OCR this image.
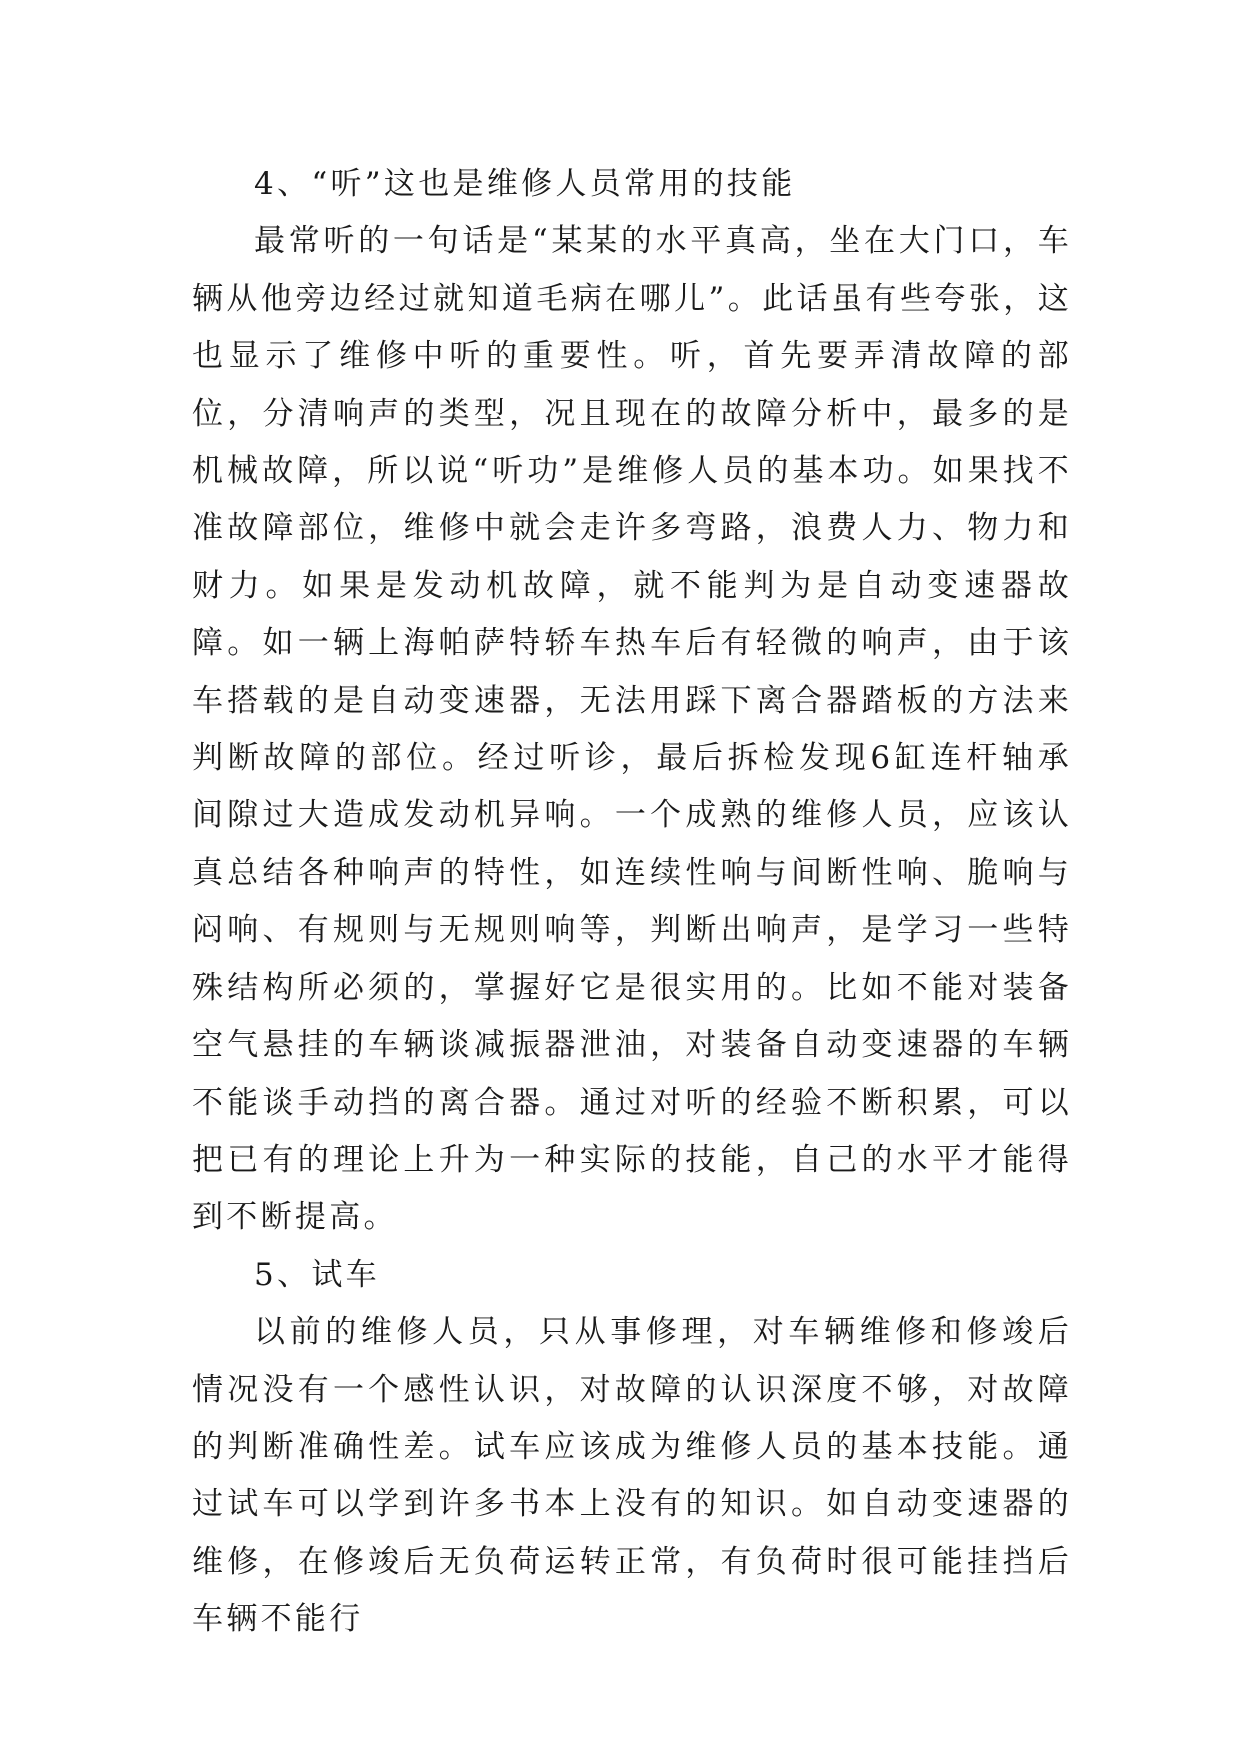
4、“听”这也是维修人员常用的技能

最常听的一句话是“某某的水平真高，坐在大门口，车辆从他旁边经过就知道毛病在哪儿”。此话虽有些夸张，这也显示了维修中听的重要性。听，首先要弄清故障的部位，分清响声的类型，况且现在的故障分析中，最多的是机械故障，所以说“听功”是维修人员的基本功。如果找不准故障部位，维修中就会走许多弯路，浪费人力、物力和财力。如果是发动机故障，就不能判为是自动变速器故障。如一辆上海帕萨特轿车热车后有轻微的响声，由于该车搭载的是自动变速器，无法用踩下离合器踏板的方法来判断故障的部位。经过听诊，最后拆检发现6缸连杆轴承间隙过大造成发动机异响。一个成熟的维修人员，应该认真总结各种响声的特性，如连续性响与间断性响、脆响与闷响、有规则与无规则响等，判断出响声，是学习一些特殊结构所必须的，掌握好它是很实用的。比如不能对装备空气悬挂的车辆谈减振器泄油，对装备自动变速器的车辆不能谈手动挡的离合器。通过对听的经验不断积累，可以把已有的理论上升为一种实际的技能，自己的水平才能得到不断提高。

5、试车

以前的维修人员，只从事修理，对车辆维修和修竣后情况没有一个感性认识，对故障的认识深度不够，对故障的判断准确性差。试车应该成为维修人员的基本技能。通过试车可以学到许多书本上没有的知识。如自动变速器的维修，在修竣后无负荷运转正常，有负荷时很可能挂挡后车辆不能行
